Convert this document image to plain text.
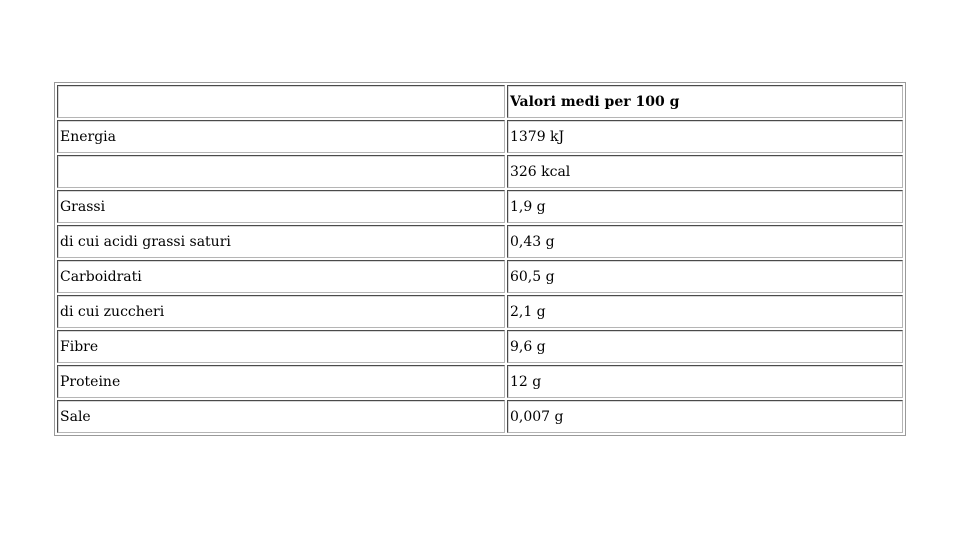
	Valori medi per 100 g
Energia	1379 kJ
	326 kcal
Grassi	1,9 g
di cui acidi grassi saturi	0,43 g
Carboidrati	60,5 g
di cui zuccheri	2,1 g
Fibre	9,6 g
Proteine	12 g
Sale	0,007 g
